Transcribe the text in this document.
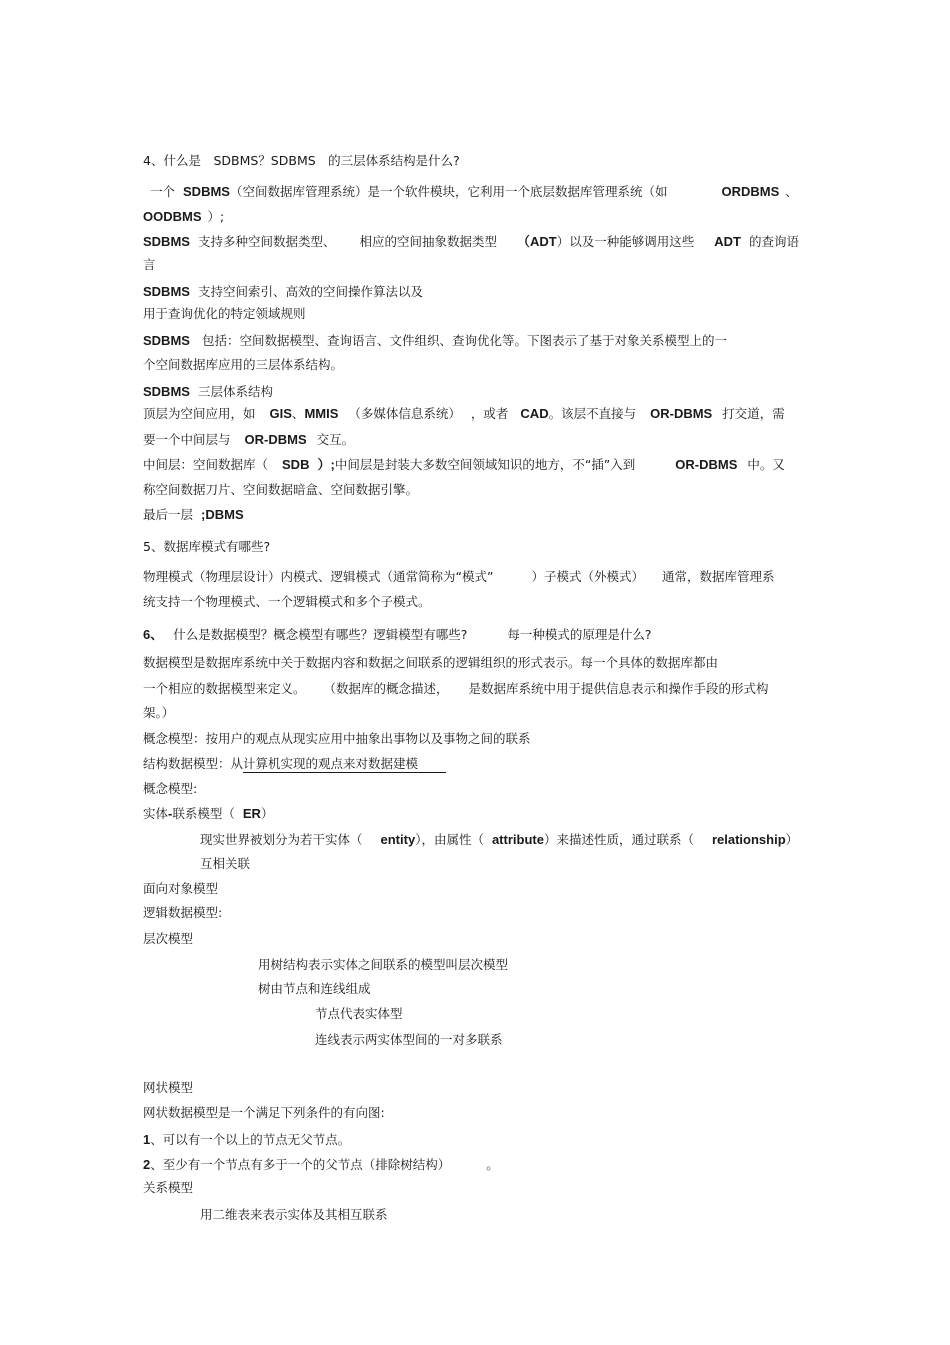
4、什么是　SDBMS？SDBMS　的三层体系结构是什么?
一个 SDBMS（空间数据库管理系统）是一个软件模块，它利用一个底层数据库管理系统（如	ORDBMS 、
OODBMS ）;
SDBMS 支持多种空间数据类型、 相应的空间抽象数据类型 （ADT）以及一种能够调用这些 ADT 的查询语
言
SDBMS 支持空间索引、高效的空间操作算法以及
用于查询优化的特定领域规则
SDBMS 包括：空间数据模型、查询语言、文件组织、查询优化等。下图表示了基于对象关系模型上的一
个空间数据库应用的三层体系结构。
SDBMS 三层体系结构
顶层为空间应用，如 GIS、MMIS （多媒体信息系统） ，或者 CAD。该层不直接与 OR-DBMS 打交道，需
要一个中间层与 OR-DBMS 交互。
中间层：空间数据库（ SDB ）;中间层是封装大多数空间领域知识的地方，不“插”入到	OR-DBMS 中。又
称空间数据刀片、空间数据暗盒、空间数据引擎。
最后一层 ;DBMS
5、数据库模式有哪些?
物理模式（物理层设计）内模式、逻辑模式（通常简称为“模式”	）子模式（外模式） 通常，数据库管理系
统支持一个物理模式、一个逻辑模式和多个子模式。
6、 什么是数据模型？概念模型有哪些？逻辑模型有哪些?	每一种模式的原理是什么?
数据模型是数据库系统中关于数据内容和数据之间联系的逻辑组织的形式表示。每一个具体的数据库都由
一个相应的数据模型来定义。 （数据库的概念描述， 是数据库系统中用于提供信息表示和操作手段的形式构
架。）
概念模型：按用户的观点从现实应用中抽象出事物以及事物之间的联系
结构数据模型：从计算机实现的观点来对数据建模
概念模型:
实体-联系模型（ ER）
现实世界被划分为若干实体（ entity），由属性（ attribute）来描述性质，通过联系（ relationship）
互相关联
面向对象模型
逻辑数据模型:
层次模型
用树结构表示实体之间联系的模型叫层次模型
树由节点和连线组成
节点代表实体型
连线表示两实体型间的一对多联系
网状模型
网状数据模型是一个满足下列条件的有向图:
1、可以有一个以上的节点无父节点。
2、至少有一个节点有多于一个的父节点（排除树结构）	。
关系模型
用二维表来表示实体及其相互联系
